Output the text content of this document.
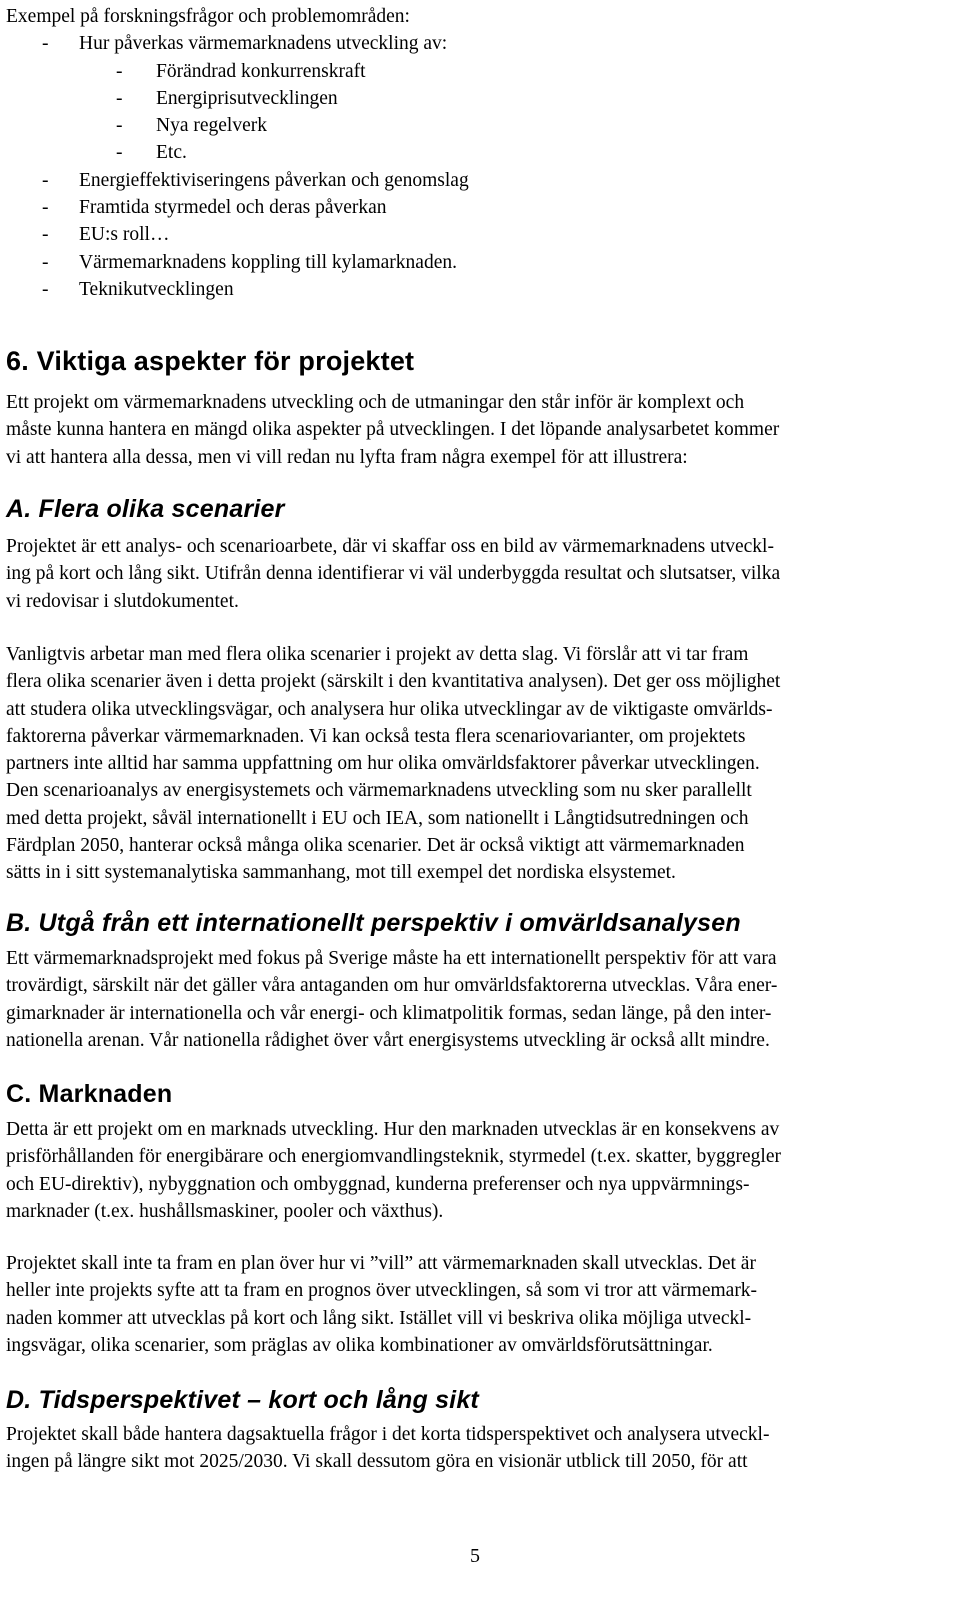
Exempel på forskningsfrågor och problemområden:
- Hur påverkas värmemarknadens utveckling av:
- Förändrad konkurrenskraft
- Energiprisutvecklingen
- Nya regelverk
- Etc.
- Energieffektiviseringens påverkan och genomslag
- Framtida styrmedel och deras påverkan
- EU:s roll…
- Värmemarknadens koppling till kylamarknaden.
- Teknikutvecklingen
6. Viktiga aspekter för projektet
Ett projekt om värmemarknadens utveckling och de utmaningar den står inför är komplext och
måste kunna hantera en mängd olika aspekter på utvecklingen. I det löpande analysarbetet kommer
vi att hantera alla dessa, men vi vill redan nu lyfta fram några exempel för att illustrera:
A. Flera olika scenarier
Projektet är ett analys- och scenarioarbete, där vi skaffar oss en bild av värmemarknadens utveckl-
ing på kort och lång sikt. Utifrån denna identifierar vi väl underbyggda resultat och slutsatser, vilka
vi redovisar i slutdokumentet.
Vanligtvis arbetar man med flera olika scenarier i projekt av detta slag. Vi förslår att vi tar fram
flera olika scenarier även i detta projekt (särskilt i den kvantitativa analysen). Det ger oss möjlighet
att studera olika utvecklingsvägar, och analysera hur olika utvecklingar av de viktigaste omvärlds-
faktorerna påverkar värmemarknaden. Vi kan också testa flera scenariovarianter, om projektets
partners inte alltid har samma uppfattning om hur olika omvärldsfaktorer påverkar utvecklingen.
Den scenarioanalys av energisystemets och värmemarknadens utveckling som nu sker parallellt
med detta projekt, såväl internationellt i EU och IEA, som nationellt i Långtidsutredningen och
Färdplan 2050, hanterar också många olika scenarier. Det är också viktigt att värmemarknaden
sätts in i sitt systemanalytiska sammanhang, mot till exempel det nordiska elsystemet.
B. Utgå från ett internationellt perspektiv i omvärldsanalysen
Ett värmemarknadsprojekt med fokus på Sverige måste ha ett internationellt perspektiv för att vara
trovärdigt, särskilt när det gäller våra antaganden om hur omvärldsfaktorerna utvecklas. Våra ener-
gimarknader är internationella och vår energi- och klimatpolitik formas, sedan länge, på den inter-
nationella arenan. Vår nationella rådighet över vårt energisystems utveckling är också allt mindre.
C. Marknaden
Detta är ett projekt om en marknads utveckling. Hur den marknaden utvecklas är en konsekvens av
prisförhållanden för energibärare och energiomvandlingsteknik, styrmedel (t.ex. skatter, byggregler
och EU-direktiv), nybyggnation och ombyggnad, kunderna preferenser och nya uppvärmnings-
marknader (t.ex. hushållsmaskiner, pooler och växthus).
Projektet skall inte ta fram en plan över hur vi ”vill” att värmemarknaden skall utvecklas. Det är
heller inte projekts syfte att ta fram en prognos över utvecklingen, så som vi tror att värmemark-
naden kommer att utvecklas på kort och lång sikt. Istället vill vi beskriva olika möjliga utveckl-
ingsvägar, olika scenarier, som präglas av olika kombinationer av omvärldsförutsättningar.
D. Tidsperspektivet – kort och lång sikt
Projektet skall både hantera dagsaktuella frågor i det korta tidsperspektivet och analysera utveckl-
ingen på längre sikt mot 2025/2030. Vi skall dessutom göra en visionär utblick till 2050, för att
5
